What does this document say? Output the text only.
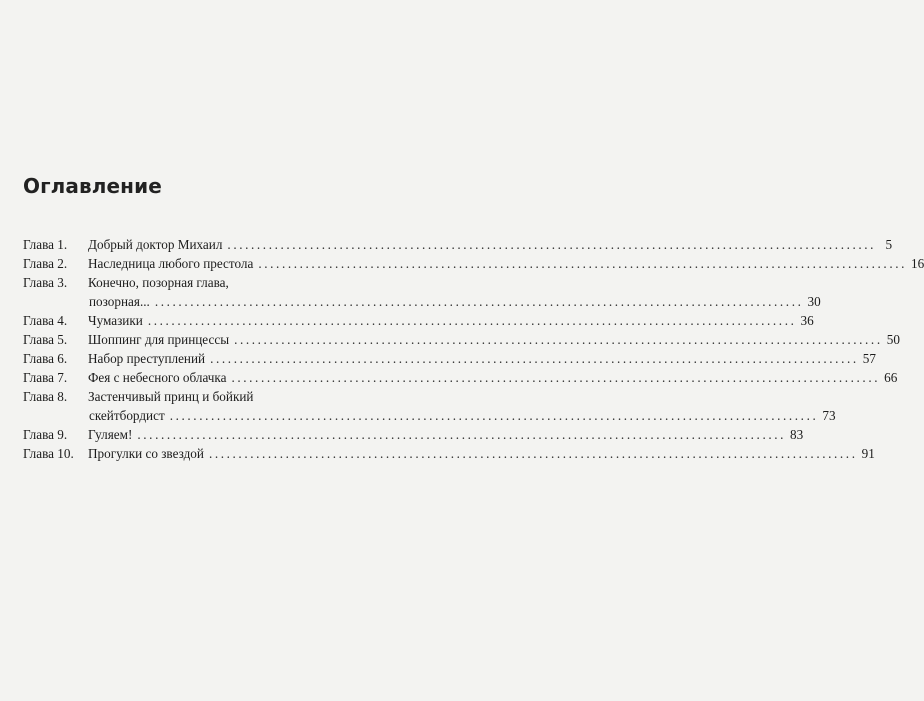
Оглавление
Глава 1.	Добрый доктор Михаил .............................................................................................................. 5
Глава 2.	Наследница любого престола .............................................................................................................. 16
Глава 3.	Конечно, позорная глава,
позорная... .............................................................................................................. 30
Глава 4.	Чумазики .............................................................................................................. 36
Глава 5.	Шоппинг для принцессы .............................................................................................................. 50
Глава 6.	Набор преступлений .............................................................................................................. 57
Глава 7.	Фея с небесного облачка .............................................................................................................. 66
Глава 8.	Застенчивый принц и бойкий
скейтбордист .............................................................................................................. 73
Глава 9.	Гуляем! .............................................................................................................. 83
Глава 10.	Прогулки со звездой .............................................................................................................. 91
